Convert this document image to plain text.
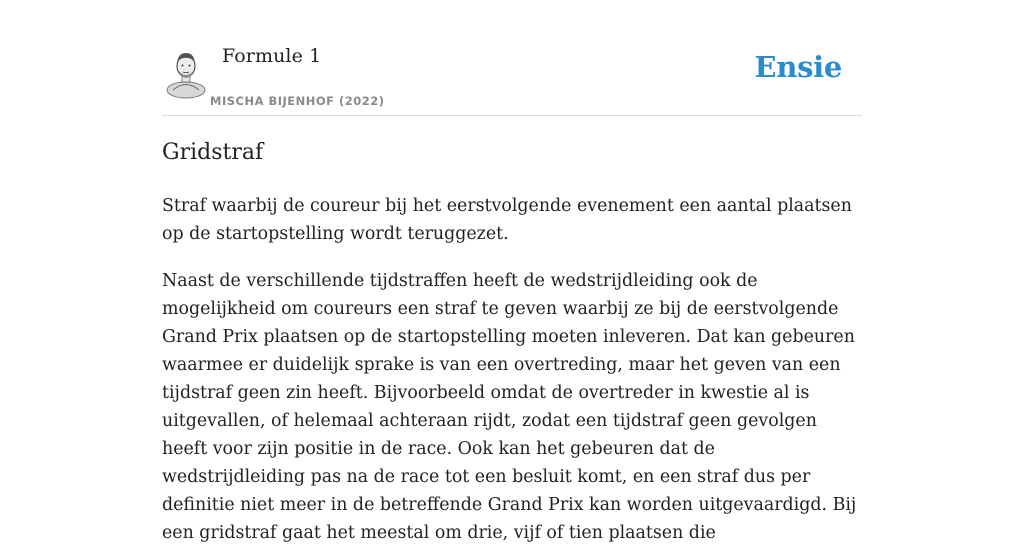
Formule 1
MISCHA BIJENHOF (2022)
Ensie
Gridstraf

Straf waarbij de coureur bij het eerstvolgende evenement een aantal plaatsen op de startopstelling wordt teruggezet.

Naast de verschillende tijdstraffen heeft de wedstrijdleiding ook de mogelijkheid om coureurs een straf te geven waarbij ze bij de eerstvolgende Grand Prix plaatsen op de startopstelling moeten inleveren. Dat kan gebeuren waarmee er duidelijk sprake is van een overtreding, maar het geven van een tijdstraf geen zin heeft. Bijvoorbeeld omdat de overtreder in kwestie al is uitgevallen, of helemaal achteraan rijdt, zodat een tijdstraf geen gevolgen heeft voor zijn positie in de race. Ook kan het gebeuren dat de wedstrijdleiding pas na de race tot een besluit komt, en een straf dus per definitie niet meer in de betreffende Grand Prix kan worden uitgevaardigd. Bij een gridstraf gaat het meestal om drie, vijf of tien plaatsen die
